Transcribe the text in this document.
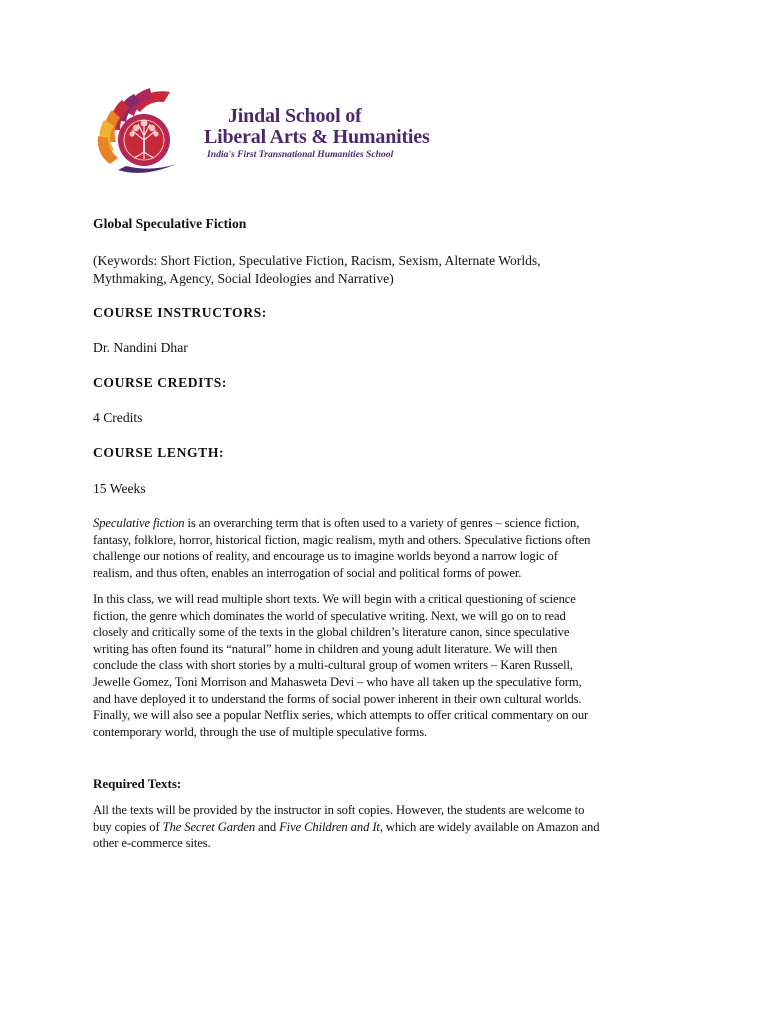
Jindal School of
Liberal Arts & Humanities
India's First Transnational Humanities School
Global Speculative Fiction
(Keywords: Short Fiction, Speculative Fiction, Racism, Sexism, Alternate Worlds,
Mythmaking, Agency, Social Ideologies and Narrative)
COURSE INSTRUCTORS:
Dr. Nandini Dhar
COURSE CREDITS:
4 Credits
COURSE LENGTH:
15 Weeks
Speculative fiction is an overarching term that is often used to a variety of genres – science fiction,
fantasy, folklore, horror, historical fiction, magic realism, myth and others. Speculative fictions often
challenge our notions of reality, and encourage us to imagine worlds beyond a narrow logic of
realism, and thus often, enables an interrogation of social and political forms of power.
In this class, we will read multiple short texts. We will begin with a critical questioning of science
fiction, the genre which dominates the world of speculative writing. Next, we will go on to read
closely and critically some of the texts in the global children’s literature canon, since speculative
writing has often found its “natural” home in children and young adult literature. We will then
conclude the class with short stories by a multi-cultural group of women writers – Karen Russell,
Jewelle Gomez, Toni Morrison and Mahasweta Devi – who have all taken up the speculative form,
and have deployed it to understand the forms of social power inherent in their own cultural worlds.
Finally, we will also see a popular Netflix series, which attempts to offer critical commentary on our
contemporary world, through the use of multiple speculative forms.
Required Texts:
All the texts will be provided by the instructor in soft copies. However, the students are welcome to
buy copies of The Secret Garden and Five Children and It, which are widely available on Amazon and
other e-commerce sites.
